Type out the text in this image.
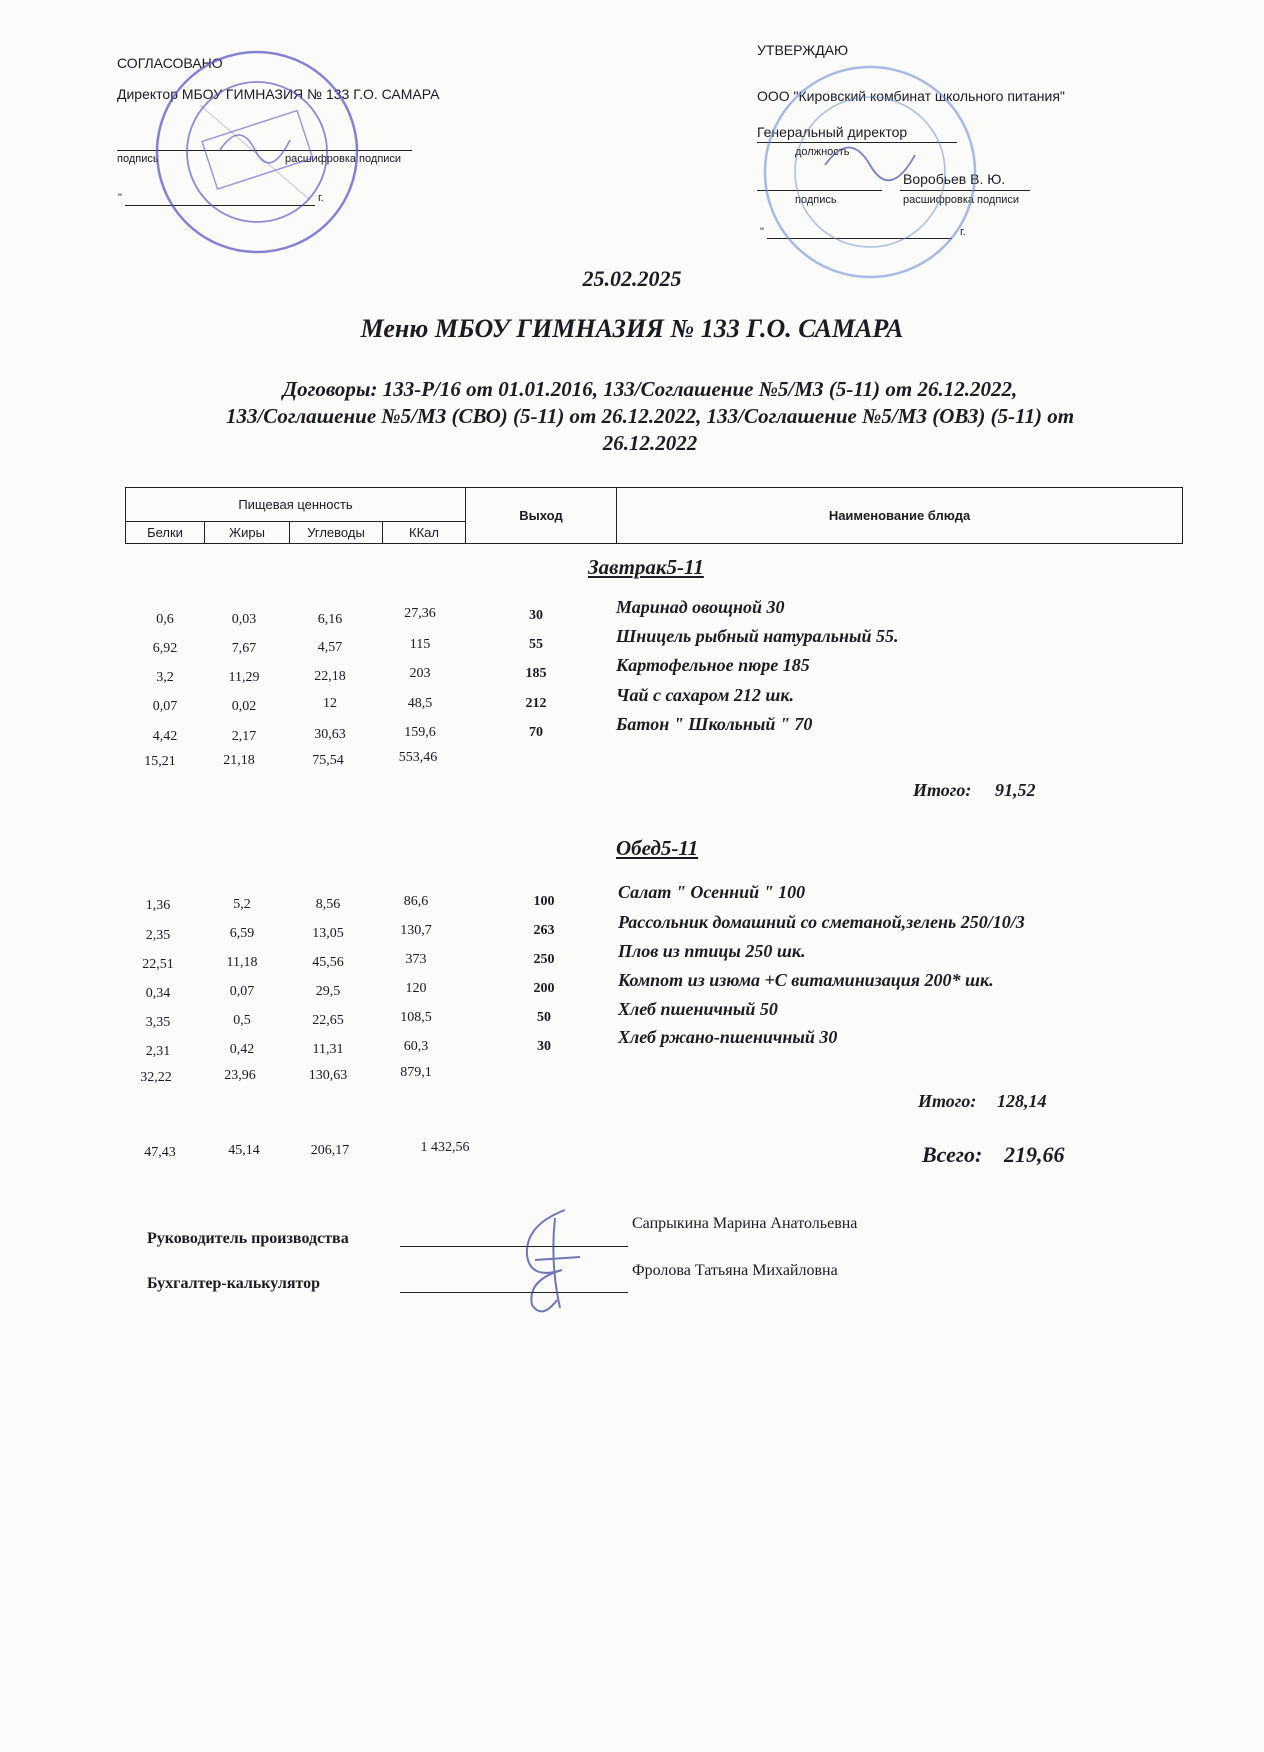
СОГЛАСОВАНО
Директор МБОУ ГИМНАЗИЯ № 133 Г.О. САМАРА
подпись	расшифровка подписи
"	г.
УТВЕРЖДАЮ
ООО "Кировский комбинат школьного питания"
Генеральный директор
должность
Воробьев В. Ю.
подпись	расшифровка подписи
"	г.
25.02.2025
Меню МБОУ ГИМНАЗИЯ № 133 Г.О. САМАРА
Договоры: 133-Р/16 от 01.01.2016, 133/Соглашение №5/МЗ (5-11) от 26.12.2022,
133/Соглашение №5/МЗ (СВО) (5-11) от 26.12.2022, 133/Соглашение №5/МЗ (ОВЗ) (5-11) от
26.12.2022
Пищевая ценность				Выход	Наименование блюда
Белки	Жиры	Углеводы	ККал		
Завтрак5-11
0,6	0,03	6,16	27,36	30	Маринад овощной 30
6,92	7,67	4,57	115	55	Шницель рыбный натуральный 55.
3,2	11,29	22,18	203	185	Картофельное пюре 185
0,07	0,02	12	48,5	212	Чай с сахаром 212 шк.
4,42	2,17	30,63	159,6	70	Батон " Школьный " 70
15,21	21,18	75,54	553,46
Итого: 91,52
Обед5-11
1,36	5,2	8,56	86,6	100	Салат " Осенний " 100
2,35	6,59	13,05	130,7	263	Рассольник домашний со сметаной,зелень 250/10/3
22,51	11,18	45,56	373	250	Плов из птицы 250 шк.
0,34	0,07	29,5	120	200	Компот из изюма +С витаминизация 200* шк.
3,35	0,5	22,65	108,5	50	Хлеб пшеничный 50
2,31	0,42	11,31	60,3	30	Хлеб ржано-пшеничный 30
32,22	23,96	130,63	879,1
Итого: 128,14
47,43	45,14	206,17	1 432,56	Всего: 219,66
Руководитель производства
Сапрыкина Марина Анатольевна
Бухгалтер-калькулятор
Фролова Татьяна Михайловна
